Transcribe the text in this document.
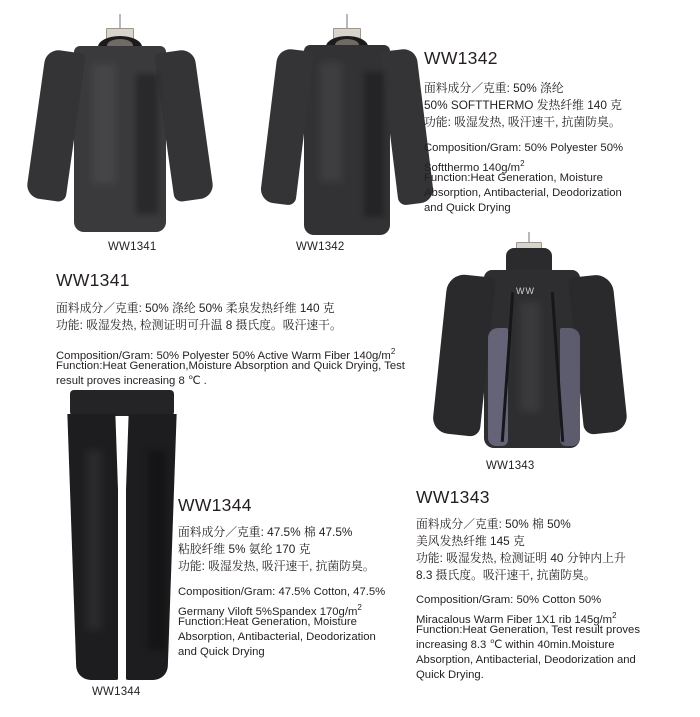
WW1341	WW1342
WW1342
面料成分／克重: 50% 涤纶
50% SOFTTHERMO 发热纤维 140 克
功能: 吸湿发热, 吸汗速干, 抗菌防臭。
Composition/Gram: 50% Polyester 50%
Softthermo $140g/m^2$
Function:Heat Generation, Moisture
Absorption, Antibacterial, Deodorization
and Quick Drying
WW1341
面料成分／克重: 50% 涤纶 50% 柔泉发热纤维 140 克
功能: 吸湿发热, 检测证明可升温 8 摄氏度。吸汗速干。
Composition/Gram: 50% Polyester 50% Active Warm Fiber $140g/m^2$
Function:Heat Generation,Moisture Absorption and Quick Drying, Test
result proves increasing 8 ℃ .
WW
WW1343
WW1344
WW1344
面料成分／克重: 47.5% 棉 47.5%
粘胶纤维 5% 氨纶 170 克
功能: 吸湿发热, 吸汗速干, 抗菌防臭。
Composition/Gram: 47.5% Cotton, 47.5%
Germany Viloft 5%Spandex $170g/m^2$
Function:Heat Generation, Moisture
Absorption, Antibacterial, Deodorization
and Quick Drying
WW1343
面料成分／克重: 50% 棉 50%
美风发热纤维 145 克
功能: 吸湿发热, 检测证明 40 分钟内上升
8.3 摄氏度。吸汗速干, 抗菌防臭。
Composition/Gram: 50% Cotton 50%
Miracalous Warm Fiber 1X1 rib $145g/m^2$
Function:Heat Generation, Test result proves
increasing 8.3 ℃ within 40min.Moisture
Absorption, Antibacterial, Deodorization and
Quick Drying.
